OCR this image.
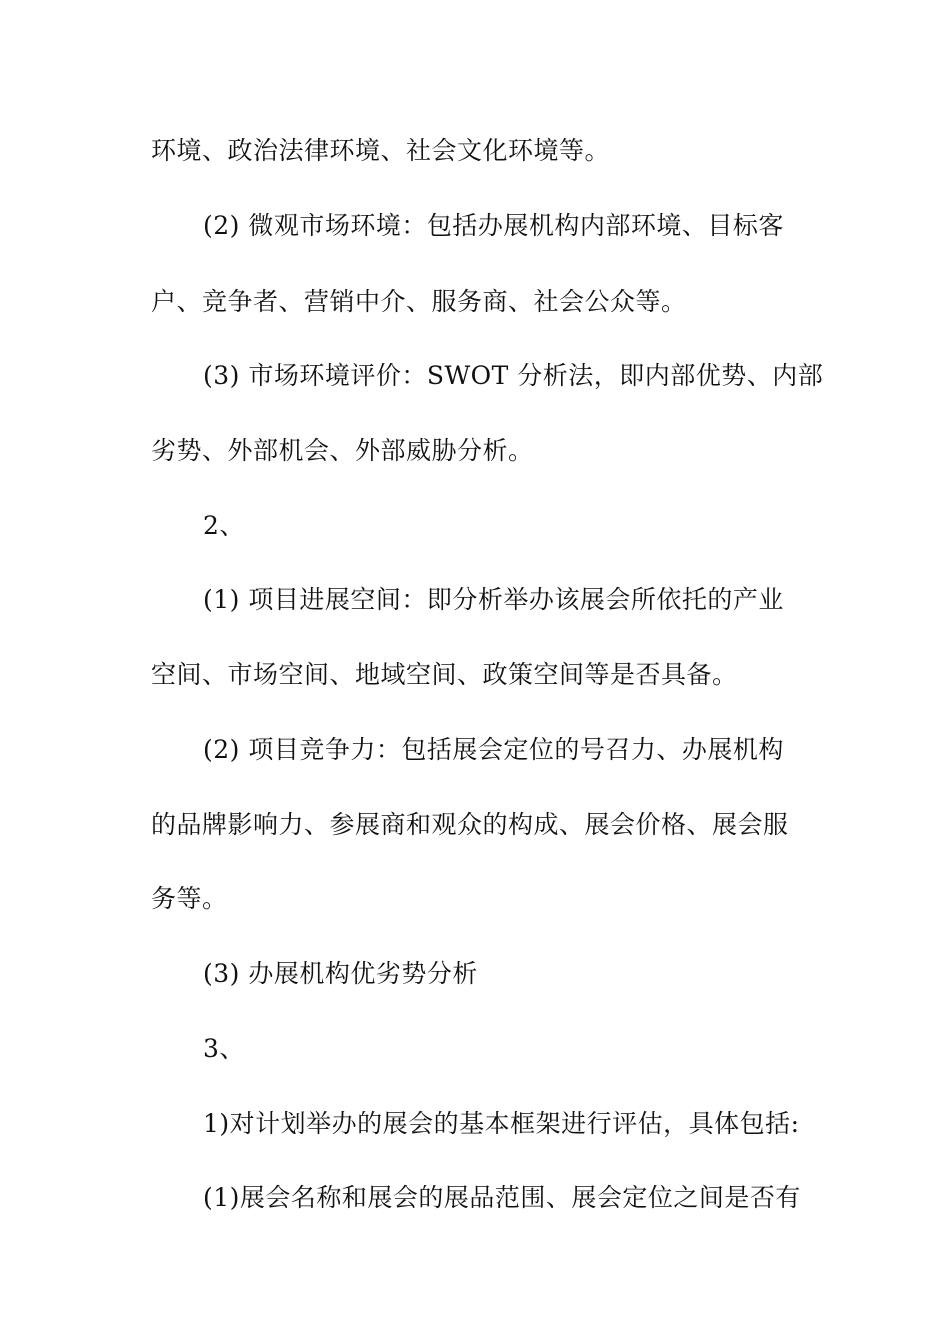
环境、政治法律环境、社会文化环境等。
(2) 微观市场环境：包括办展机构内部环境、目标客
户、竞争者、营销中介、服务商、社会公众等。
(3) 市场环境评价：SWOT 分析法，即内部优势、内部
劣势、外部机会、外部威胁分析。
2、
(1) 项目进展空间：即分析举办该展会所依托的产业
空间、市场空间、地域空间、政策空间等是否具备。
(2) 项目竞争力：包括展会定位的号召力、办展机构
的品牌影响力、参展商和观众的构成、展会价格、展会服
务等。
(3) 办展机构优劣势分析
3、
1)对计划举办的展会的基本框架进行评估，具体包括:
(1)展会名称和展会的展品范围、展会定位之间是否有
